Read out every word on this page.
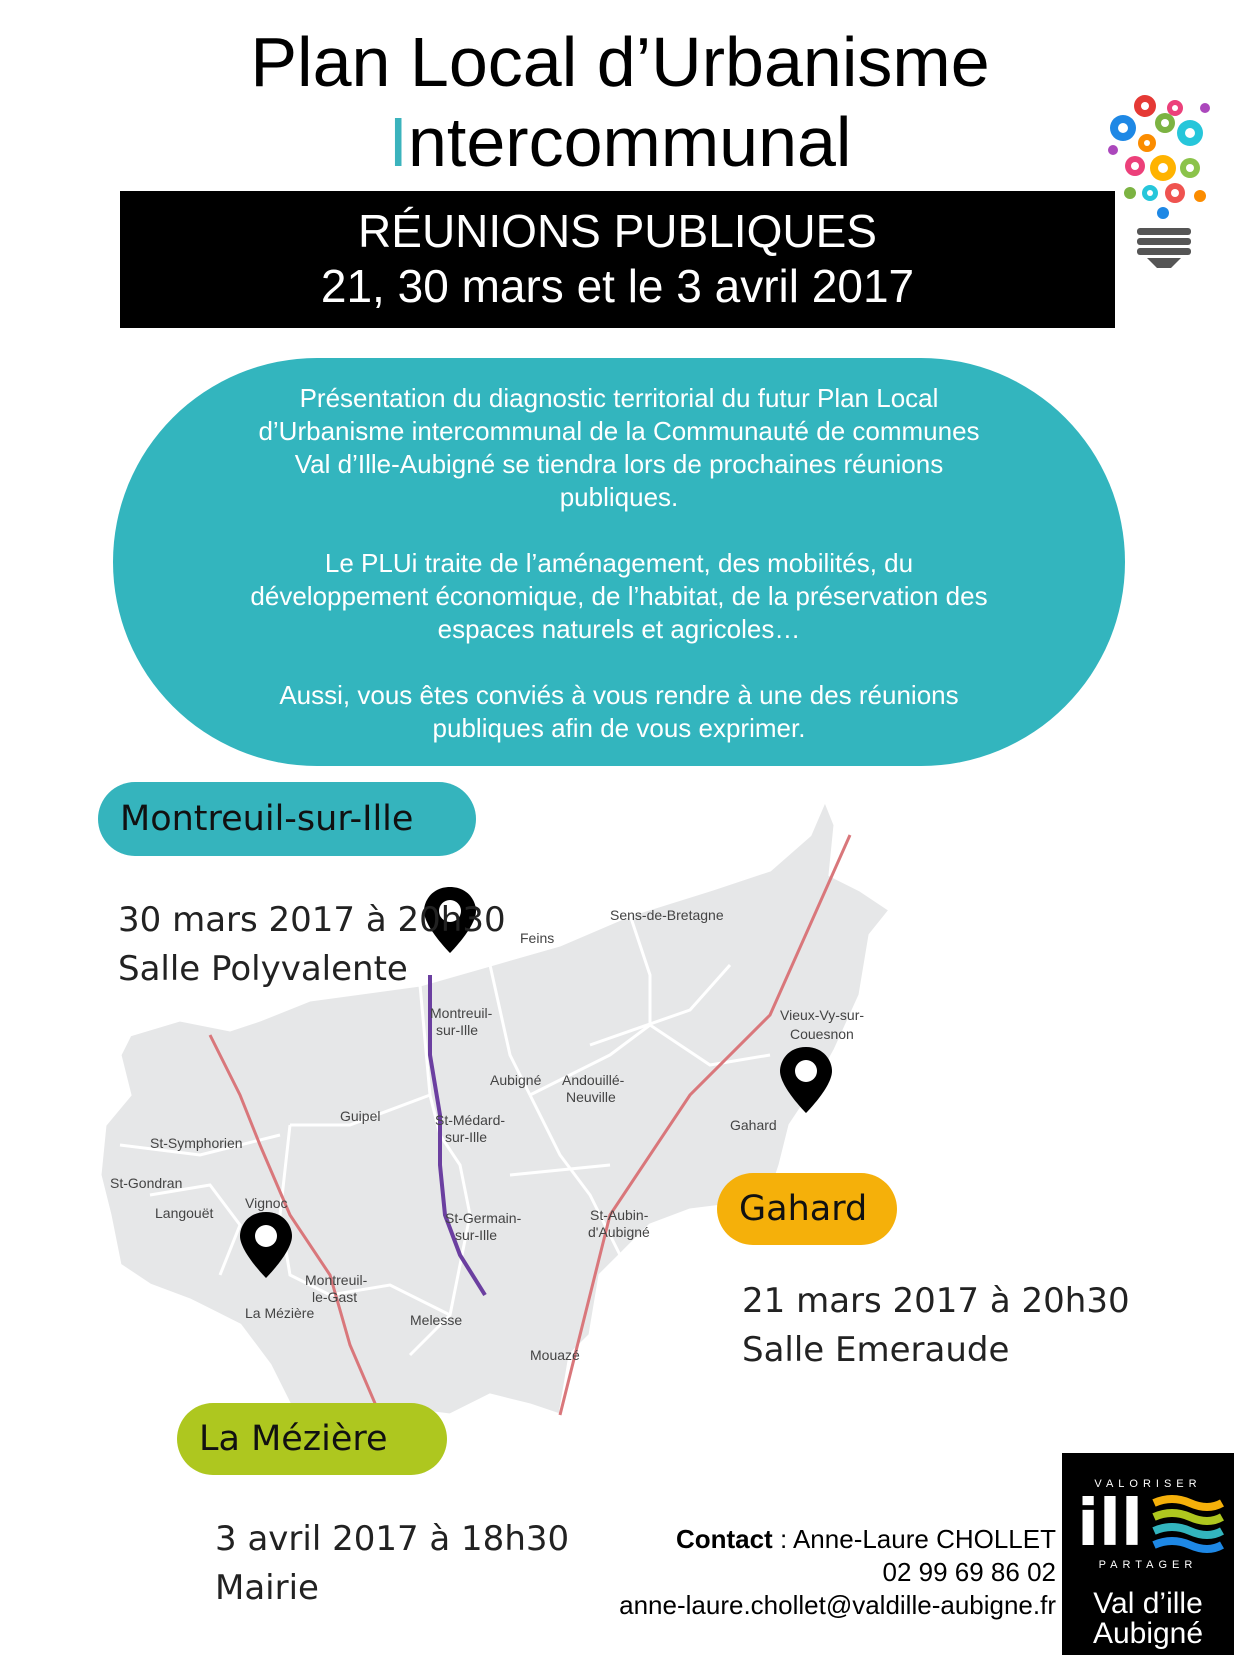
Plan Local d’Urbanisme
Intercommunal
RÉUNIONS PUBLIQUES
21, 30 mars et le 3 avril 2017

Présentation du diagnostic territorial du futur Plan Local d’Urbanisme intercommunal de la Communauté de communes Val d’Ille-Aubigné se tiendra lors de prochaines réunions publiques.

Le PLUi traite de l’aménagement, des mobilités, du développement économique, de l’habitat, de la préservation des espaces naturels et agricoles…

Aussi, vous êtes conviés à vous rendre à une des réunions publiques afin de vous exprimer.

Sens-de-Bretagne
Feins
Vieux-Vy-sur-
Couesnon
Montreuil-
sur-Ille
Aubigné Andouillé-
Neuville
Gahard
Guipel	St-Médard-
sur-Ille
St-Symphorien
St-Gondran
Langouët
Vignoc
St-Germain-
sur-Ille
St-Aubin-
d'Aubigné
Montreuil-
le-Gast
La Mézière	Melesse
Mouazé
Montreuil-sur-Ille
Gahard
La Mézière
30 mars 2017 à 20h30
Salle Polyvalente
21 mars 2017 à 20h30
Salle Emeraude
3 avril 2017 à 18h30
Mairie
Contact : Anne-Laure CHOLLET
02 99 69 86 02
anne-laure.chollet@valdille-aubigne.fr
VALORISER
ill
PARTAGER
Val d’ille
Aubigné
